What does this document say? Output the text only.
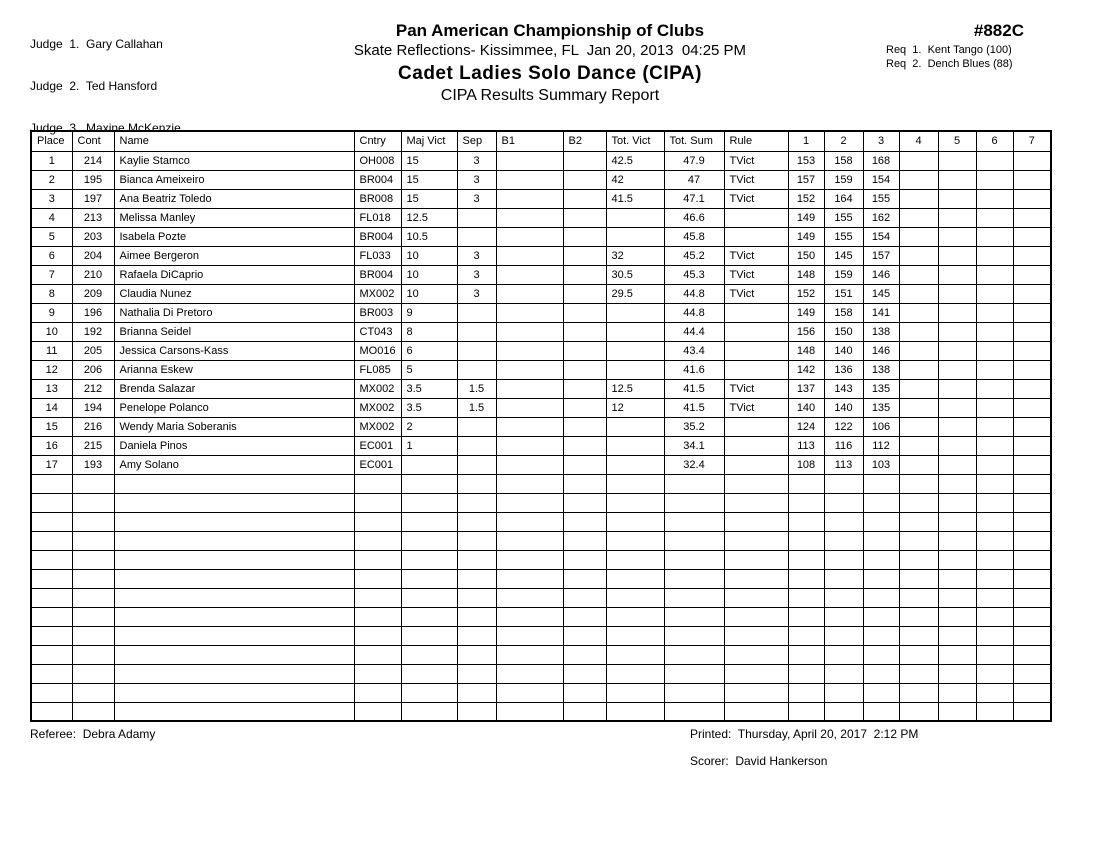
Judge  1.  Gary Callahan

Judge  2.  Ted Hansford

Judge  3.  Maxine McKenzie

Pan American Championship of Clubs
Skate Reflections- Kissimmee, FL  Jan 20, 2013  04:25 PM
Cadet Ladies Solo Dance (CIPA)
CIPA Results Summary Report
#882C
Req  1.  Kent Tango (100)
Req  2.  Dench Blues (88)
Place	Cont	Name	Cntry	Maj Vict	Sep	B1	B2	Tot. Vict	Tot. Sum	Rule	1	2	3	4	5	6	7
1	214	Kaylie Stamco	OH008	15	3			42.5	47.9	TVict	153	158	168				
2	195	Bianca Ameixeiro	BR004	15	3			42	47	TVict	157	159	154				
3	197	Ana Beatriz Toledo	BR008	15	3			41.5	47.1	TVict	152	164	155				
4	213	Melissa Manley	FL018	12.5					46.6		149	155	162				
5	203	Isabela Pozte	BR004	10.5					45.8		149	155	154				
6	204	Aimee Bergeron	FL033	10	3			32	45.2	TVict	150	145	157				
7	210	Rafaela DiCaprio	BR004	10	3			30.5	45.3	TVict	148	159	146				
8	209	Claudia Nunez	MX002	10	3			29.5	44.8	TVict	152	151	145				
9	196	Nathalia Di Pretoro	BR003	9					44.8		149	158	141				
10	192	Brianna Seidel	CT043	8					44.4		156	150	138				
11	205	Jessica Carsons-Kass	MO016	6					43.4		148	140	146				
12	206	Arianna Eskew	FL085	5					41.6		142	136	138				
13	212	Brenda Salazar	MX002	3.5	1.5			12.5	41.5	TVict	137	143	135				
14	194	Penelope Polanco	MX002	3.5	1.5			12	41.5	TVict	140	140	135				
15	216	Wendy Maria Soberanis	MX002	2					35.2		124	122	106				
16	215	Daniela Pinos	EC001	1					34.1		113	116	112				
17	193	Amy Solano	EC001						32.4		108	113	103				

Referee:  Debra Adamy	Printed:  Thursday, April 20, 2017  2:12 PM
Scorer:  David Hankerson
